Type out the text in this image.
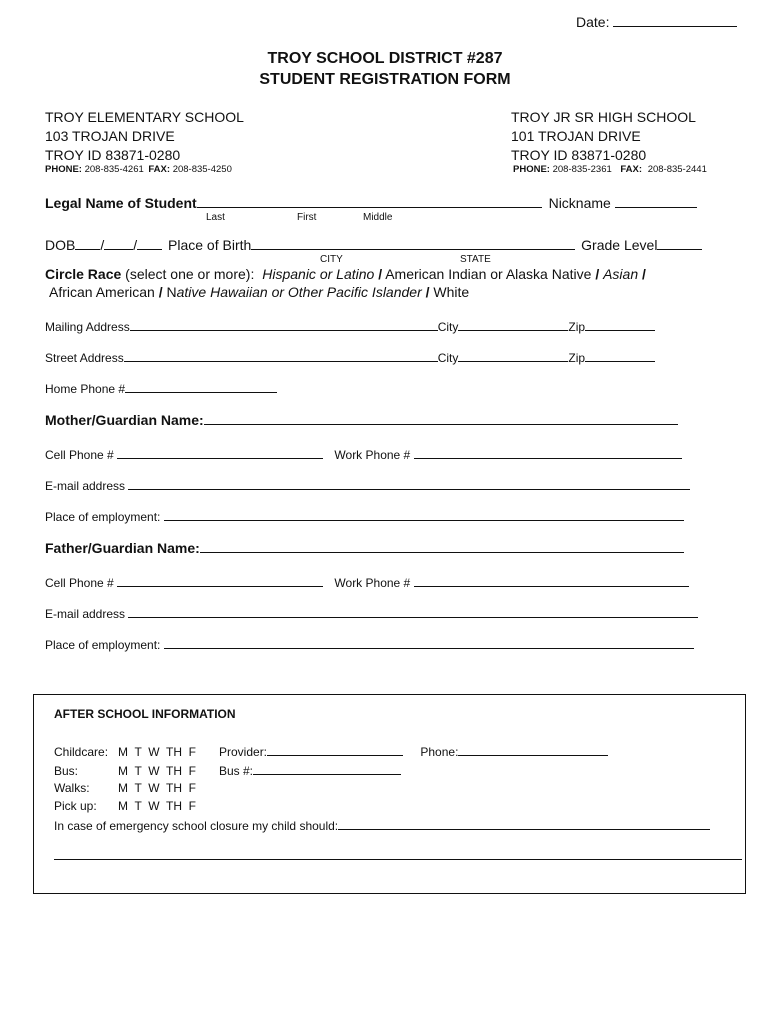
Date:
TROY SCHOOL DISTRICT #287
STUDENT REGISTRATION FORM
TROY ELEMENTARY SCHOOL
103 TROJAN DRIVE
TROY ID 83871-0280
PHONE: 208-835-4261 FAX: 208-835-4250
TROY JR SR HIGH SCHOOL
101 TROJAN DRIVE
TROY ID 83871-0280
PHONE: 208-835-2361 FAX: 208-835-2441
Legal Name of Student	Nickname
Last	First	Middle
DOB / / Place of Birth	Grade Level
CITY	STATE
Circle Race (select one or more): Hispanic or Latino / American Indian or Alaska Native / Asian /
African American / Native Hawaiian or Other Pacific Islander / White
Mailing Address	City	Zip
Street Address	City	Zip
Home Phone #
Mother/Guardian Name:
Cell Phone #	Work Phone #
E-mail address
Place of employment:
Father/Guardian Name:
Cell Phone #	Work Phone #
E-mail address
Place of employment:
AFTER SCHOOL INFORMATION
Childcare: M  T  W  TH  F Provider:	Phone:
Bus:	M  T  W  TH  F Bus #:
Walks: M  T  W  TH  F
Pick up: M  T  W  TH  F
In case of emergency school closure my child should:
